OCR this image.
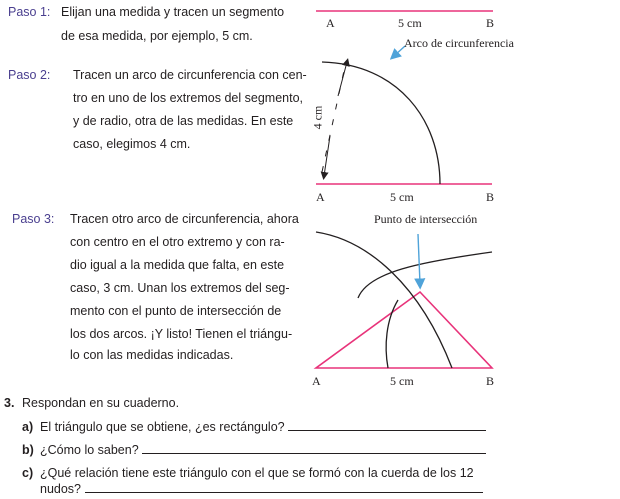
Paso 1: Elijan una medida y tracen un segmento
de esa medida, por ejemplo, 5 cm.
Paso 2: Tracen un arco de circunferencia con cen-
tro en uno de los extremos del segmento,
y de radio, otra de las medidas. En este
caso, elegimos 4 cm.
Paso 3: Tracen otro arco de circunferencia, ahora
con centro en el otro extremo y con ra-
dio igual a la medida que falta, en este
caso, 3 cm. Unan los extremos del seg-
mento con el punto de intersección de
los dos arcos. ¡Y listo! Tienen el triángu-
lo con las medidas indicadas.
A	5 cm	B
Arco de circunferencia
4 cm
A	5 cm	B
Punto de intersección
A	5 cm	B
3. Respondan en su cuaderno.
a) El triángulo que se obtiene, ¿es rectángulo?
b) ¿Cómo lo saben?
c) ¿Qué relación tiene este triángulo con el que se formó con la cuerda de los 12
nudos?
